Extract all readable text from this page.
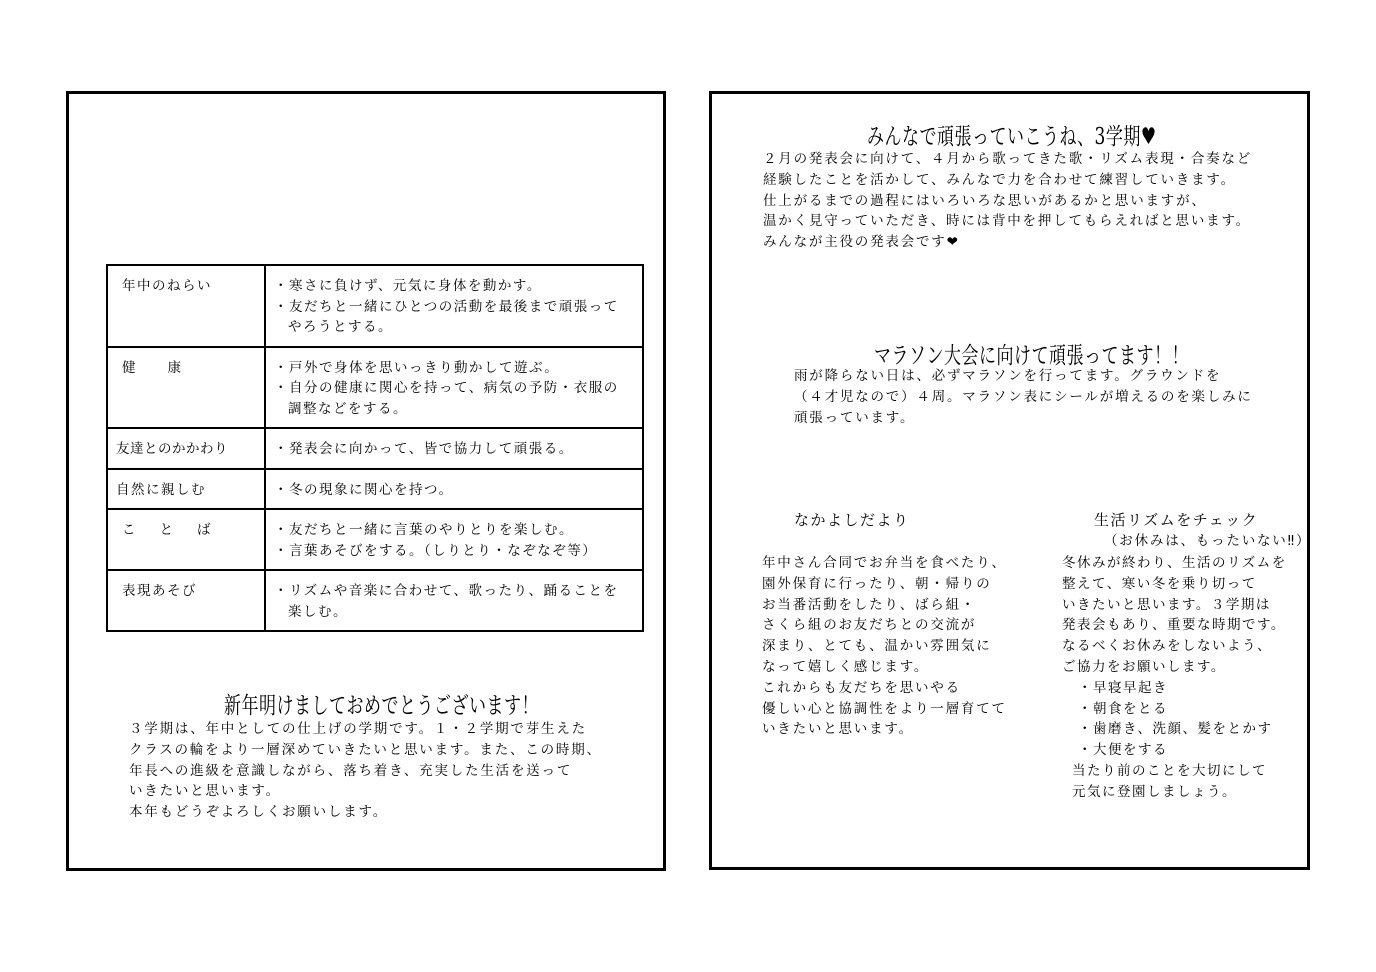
年中のねらい	・寒さに負けず、元気に身体を動かす。
・友だちと一緒にひとつの活動を最後まで頑張って
やろうとする。

健康	・戸外で身体を思いっきり動かして遊ぶ。
・自分の健康に関心を持って、病気の予防・衣服の
調整などをする。

友達とのかかわり	・発表会に向かって、皆で協力して頑張る。

自然に親しむ	・冬の現象に関心を持つ。

ことば	・友だちと一緒に言葉のやりとりを楽しむ。
・言葉あそびをする。（しりとり・なぞなぞ等）

表現あそび	・リズムや音楽に合わせて、歌ったり、踊ることを
楽しむ。
新年明けましておめでとうございます！
３学期は、年中としての仕上げの学期です。１・２学期で芽生えた
クラスの輪をより一層深めていきたいと思います。また、この時期、
年長への進級を意識しながら、落ち着き、充実した生活を送って
いきたいと思います。
本年もどうぞよろしくお願いします。
みんなで頑張っていこうね、3学期♥
２月の発表会に向けて、４月から歌ってきた歌・リズム表現・合奏など
経験したことを活かして、みんなで力を合わせて練習していきます。
仕上がるまでの過程にはいろいろな思いがあるかと思いますが、
温かく見守っていただき、時には背中を押してもらえればと思います。
みんなが主役の発表会です❤
マラソン大会に向けて頑張ってます！！
雨が降らない日は、必ずマラソンを行ってます。グラウンドを
（４才児なので）４周。マラソン表にシールが増えるのを楽しみに
頑張っています。
なかよしだより
年中さん合同でお弁当を食べたり、
園外保育に行ったり、朝・帰りの
お当番活動をしたり、ばら組・
さくら組のお友だちとの交流が
深まり、とても、温かい雰囲気に
なって嬉しく感じます。
これからも友だちを思いやる
優しい心と協調性をより一層育てて
いきたいと思います。
生活リズムをチェック
（お休みは、もったいない‼）
冬休みが終わり、生活のリズムを
整えて、寒い冬を乗り切って
いきたいと思います。３学期は
発表会もあり、重要な時期です。
なるべくお休みをしないよう、
ご協力をお願いします。
・早寝早起き
・朝食をとる
・歯磨き、洗顔、髪をとかす
・大便をする
当たり前のことを大切にして
元気に登園しましょう。
